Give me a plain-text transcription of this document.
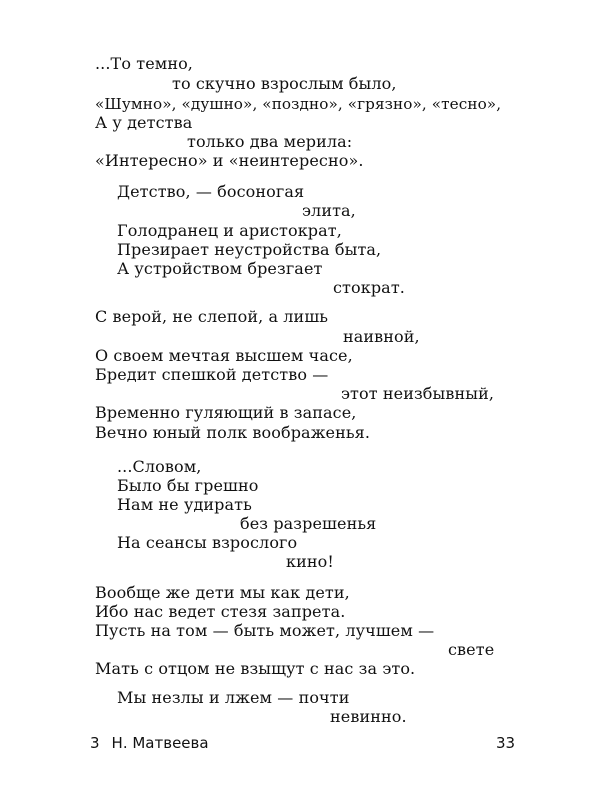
...То темно,
то скучно взрослым было,
«Шумно», «душно», «поздно», «грязно», «тесно»,
А у детства
только два мерила:
«Интересно» и «неинтересно».
Детство, — босоногая
элита,
Голодранец и аристократ,
Презирает неустройства быта,
А устройством брезгает
стократ.
С верой, не слепой, а лишь
наивной,
О своем мечтая высшем часе,
Бредит спешкой детство —
этот неизбывный,
Временно гуляющий в запасе,
Вечно юный полк воображенья.
...Словом,
Было бы грешно
Нам не удирать
без разрешенья
На сеансы взрослого
кино!
Вообще же дети мы как дети,
Ибо нас ведет стезя запрета.
Пусть на том — быть может, лучшем —
свете
Мать с отцом не взыщут с нас за это.
Мы незлы и лжем — почти
невинно.
3 Н. Матвеева	33
